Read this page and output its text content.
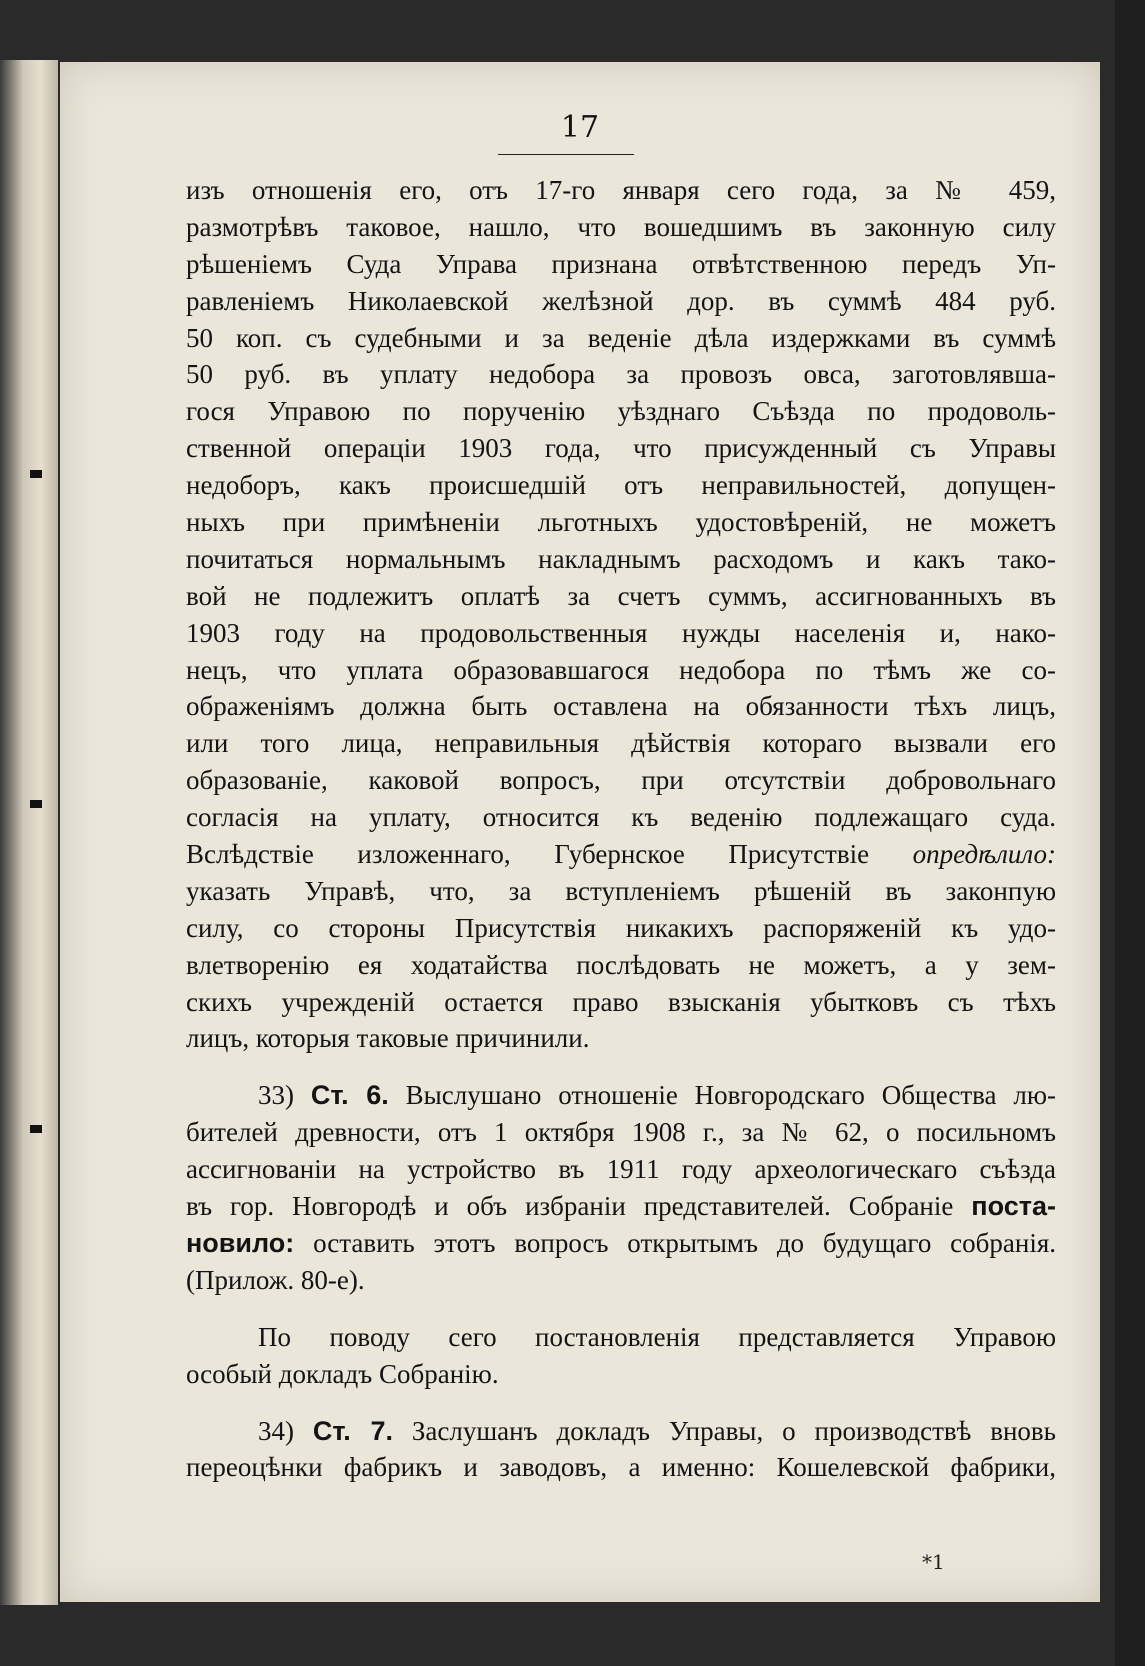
17
изъ отношенія его, отъ 17-го января сего года, за № 459,
размотрѣвъ таковое, нашло, что вошедшимъ въ законную силу
рѣшеніемъ Суда Управа признана отвѣтственною передъ Уп-
равленіемъ Николаевской желѣзной дор. въ суммѣ 484 руб.
50 коп. съ судебными и за веденіе дѣла издержками въ суммѣ
50 руб. въ уплату недобора за провозъ овса, заготовлявша-
гося Управою по порученію уѣзднаго Съѣзда по продоволь-
ственной операціи 1903 года, что присужденный съ Управы
недоборъ, какъ происшедшій отъ неправильностей, допущен-
ныхъ при примѣненіи льготныхъ удостовѣреній, не можетъ
почитаться нормальнымъ накладнымъ расходомъ и какъ тако-
вой не подлежитъ оплатѣ за счетъ суммъ, ассигнованныхъ въ
1903 году на продовольственныя нужды населенія и, нако-
нецъ, что уплата образовавшагося недобора по тѣмъ же со-
ображеніямъ должна быть оставлена на обязанности тѣхъ лицъ,
или того лица, неправильныя дѣйствія котораго вызвали его
образованіе, каковой вопросъ, при отсутствіи добровольнаго
согласія на уплату, относится къ веденію подлежащаго суда.
Вслѣдствіе изложеннаго, Губернское Присутствіе опредѣлило:
указать Управѣ, что, за вступленіемъ рѣшеній въ законпую
силу, со стороны Присутствія никакихъ распоряженій къ удо-
влетворенію ея ходатайства послѣдовать не можетъ, а у зем-
скихъ учрежденій остается право взысканія убытковъ съ тѣхъ
лицъ, которыя таковые причинили.
33) Ст. 6. Выслушано отношеніе Новгородскаго Общества лю-
бителей древности, отъ 1 октября 1908 г., за № 62, о посильномъ
ассигнованіи на устройство въ 1911 году археологическаго съѣзда
въ гор. Новгородѣ и объ избраніи представителей. Собраніе поста-
новило: оставить этотъ вопросъ открытымъ до будущаго собранія.
(Прилож. 80-е).
По поводу сего постановленія представляется Управою
особый докладъ Собранію.
34) Ст. 7. Заслушанъ докладъ Управы, о производствѣ вновь
переоцѣнки фабрикъ и заводовъ, а именно: Кошелевской фабрики,
*1
